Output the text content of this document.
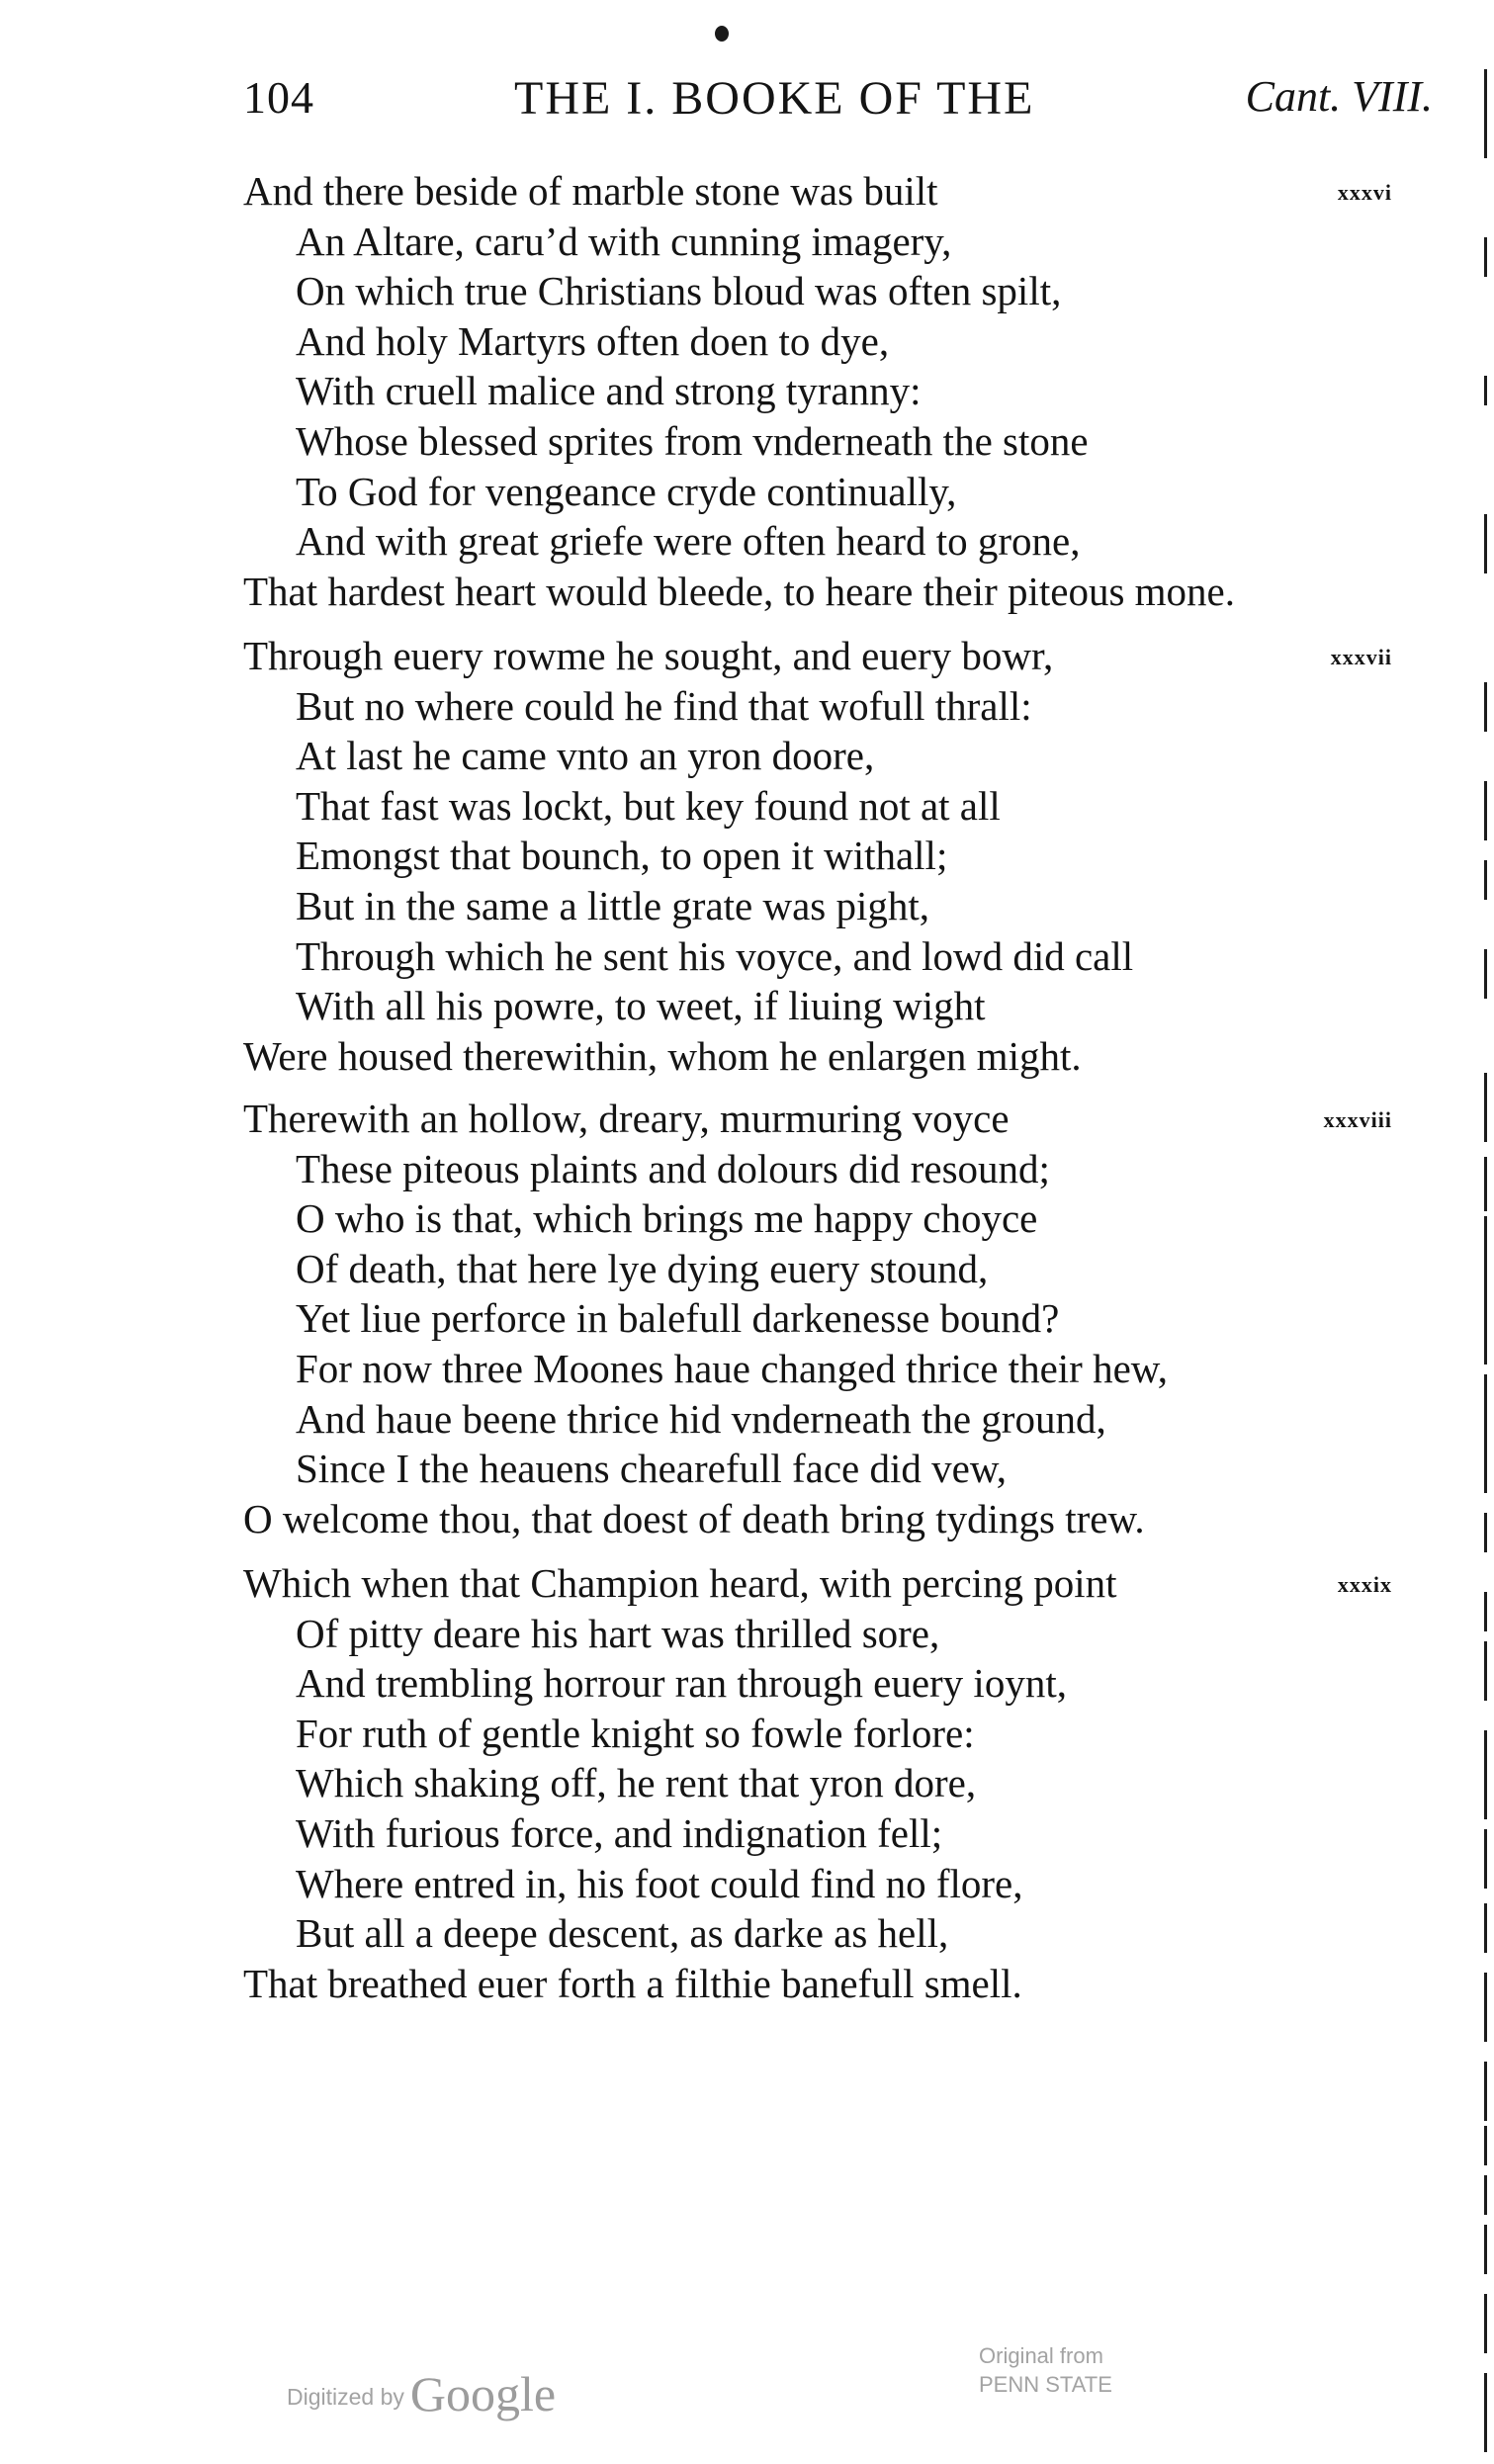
104	THE I. BOOKE OF THE	Cant. VIII.
xxxvi
And there beside of marble stone was built
An Altare, caru’d with cunning imagery,
On which true Christians bloud was often spilt,
And holy Martyrs often doen to dye,
With cruell malice and strong tyranny:
Whose blessed sprites from vnderneath the stone
To God for vengeance cryde continually,
And with great griefe were often heard to grone,
That hardest heart would bleede, to heare their piteous mone.
xxxvii
Through euery rowme he sought, and euery bowr,
But no where could he find that wofull thrall:
At last he came vnto an yron doore,
That fast was lockt, but key found not at all
Emongst that bounch, to open it withall;
But in the same a little grate was pight,
Through which he sent his voyce, and lowd did call
With all his powre, to weet, if liuing wight
Were housed therewithin, whom he enlargen might.
xxxviii
Therewith an hollow, dreary, murmuring voyce
These piteous plaints and dolours did resound;
O who is that, which brings me happy choyce
Of death, that here lye dying euery stound,
Yet liue perforce in balefull darkenesse bound?
For now three Moones haue changed thrice their hew,
And haue beene thrice hid vnderneath the ground,
Since I the heauens chearefull face did vew,
O welcome thou, that doest of death bring tydings trew.
xxxix
Which when that Champion heard, with percing point
Of pitty deare his hart was thrilled sore,
And trembling horrour ran through euery ioynt,
For ruth of gentle knight so fowle forlore:
Which shaking off, he rent that yron dore,
With furious force, and indignation fell;
Where entred in, his foot could find no flore,
But all a deepe descent, as darke as hell,
That breathed euer forth a filthie banefull smell.
Digitized by Google
Original from
PENN STATE
